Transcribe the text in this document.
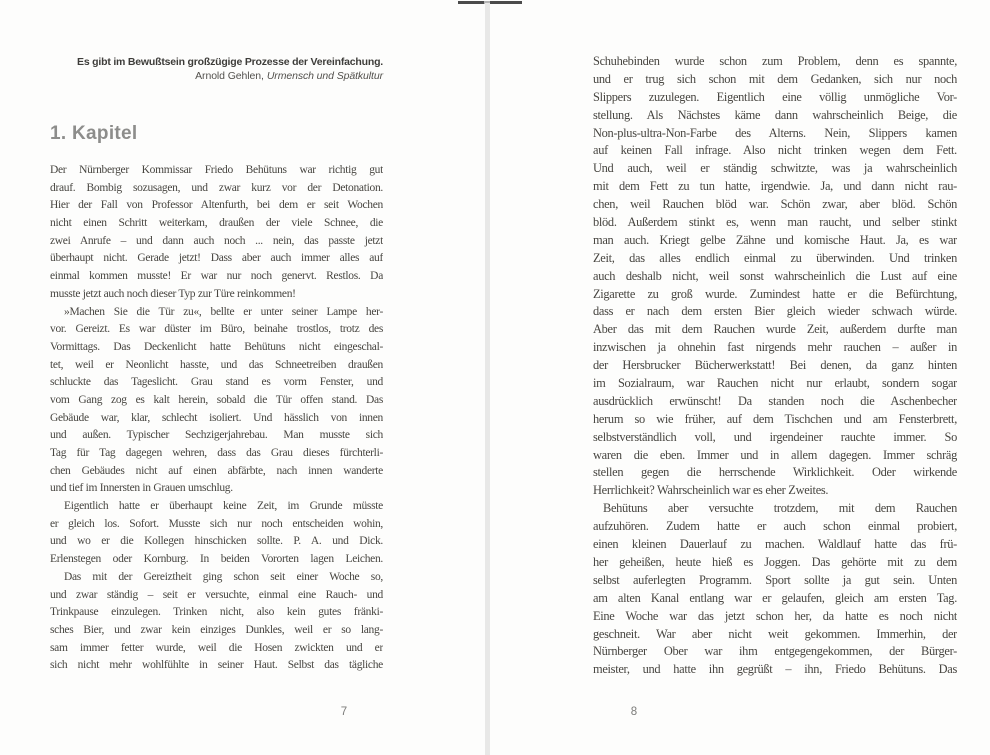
Es gibt im Bewußtsein großzügige Prozesse der Vereinfachung.
Arnold Gehlen, Urmensch und Spätkultur
1. Kapitel
Der Nürnberger Kommissar Friedo Behütuns war richtig gut
drauf. Bombig sozusagen, und zwar kurz vor der Detonation.
Hier der Fall von Professor Altenfurth, bei dem er seit Wochen
nicht einen Schritt weiterkam, draußen der viele Schnee, die
zwei Anrufe – und dann auch noch ... nein, das passte jetzt
überhaupt nicht. Gerade jetzt! Dass aber auch immer alles auf
einmal kommen musste! Er war nur noch genervt. Restlos. Da
musste jetzt auch noch dieser Typ zur Türe reinkommen!
»Machen Sie die Tür zu«, bellte er unter seiner Lampe her-
vor. Gereizt. Es war düster im Büro, beinahe trostlos, trotz des
Vormittags. Das Deckenlicht hatte Behütuns nicht eingeschal-
tet, weil er Neonlicht hasste, und das Schneetreiben draußen
schluckte das Tageslicht. Grau stand es vorm Fenster, und
vom Gang zog es kalt herein, sobald die Tür offen stand. Das
Gebäude war, klar, schlecht isoliert. Und hässlich von innen
und außen. Typischer Sechzigerjahrebau. Man musste sich
Tag für Tag dagegen wehren, dass das Grau dieses fürchterli-
chen Gebäudes nicht auf einen abfärbte, nach innen wanderte
und tief im Innersten in Grauen umschlug.
Eigentlich hatte er überhaupt keine Zeit, im Grunde müsste
er gleich los. Sofort. Musste sich nur noch entscheiden wohin,
und wo er die Kollegen hinschicken sollte. P. A. und Dick.
Erlenstegen oder Kornburg. In beiden Vororten lagen Leichen.
Das mit der Gereiztheit ging schon seit einer Woche so,
und zwar ständig – seit er versuchte, einmal eine Rauch- und
Trinkpause einzulegen. Trinken nicht, also kein gutes fränki-
sches Bier, und zwar kein einziges Dunkles, weil er so lang-
sam immer fetter wurde, weil die Hosen zwickten und er
sich nicht mehr wohlfühlte in seiner Haut. Selbst das tägliche
7
Schuhebinden wurde schon zum Problem, denn es spannte,
und er trug sich schon mit dem Gedanken, sich nur noch
Slippers zuzulegen. Eigentlich eine völlig unmögliche Vor-
stellung. Als Nächstes käme dann wahrscheinlich Beige, die
Non-plus-ultra-Non-Farbe des Alterns. Nein, Slippers kamen
auf keinen Fall infrage. Also nicht trinken wegen dem Fett.
Und auch, weil er ständig schwitzte, was ja wahrscheinlich
mit dem Fett zu tun hatte, irgendwie. Ja, und dann nicht rau-
chen, weil Rauchen blöd war. Schön zwar, aber blöd. Schön
blöd. Außerdem stinkt es, wenn man raucht, und selber stinkt
man auch. Kriegt gelbe Zähne und komische Haut. Ja, es war
Zeit, das alles endlich einmal zu überwinden. Und trinken
auch deshalb nicht, weil sonst wahrscheinlich die Lust auf eine
Zigarette zu groß wurde. Zumindest hatte er die Befürchtung,
dass er nach dem ersten Bier gleich wieder schwach würde.
Aber das mit dem Rauchen wurde Zeit, außerdem durfte man
inzwischen ja ohnehin fast nirgends mehr rauchen – außer in
der Hersbrucker Bücherwerkstatt! Bei denen, da ganz hinten
im Sozialraum, war Rauchen nicht nur erlaubt, sondern sogar
ausdrücklich erwünscht! Da standen noch die Aschenbecher
herum so wie früher, auf dem Tischchen und am Fensterbrett,
selbstverständlich voll, und irgendeiner rauchte immer. So
waren die eben. Immer und in allem dagegen. Immer schräg
stellen gegen die herrschende Wirklichkeit. Oder wirkende
Herrlichkeit? Wahrscheinlich war es eher Zweites.
Behütuns aber versuchte trotzdem, mit dem Rauchen
aufzuhören. Zudem hatte er auch schon einmal probiert,
einen kleinen Dauerlauf zu machen. Waldlauf hatte das frü-
her geheißen, heute hieß es Joggen. Das gehörte mit zu dem
selbst auferlegten Programm. Sport sollte ja gut sein. Unten
am alten Kanal entlang war er gelaufen, gleich am ersten Tag.
Eine Woche war das jetzt schon her, da hatte es noch nicht
geschneit. War aber nicht weit gekommen. Immerhin, der
Nürnberger Ober war ihm entgegengekommen, der Bürger-
meister, und hatte ihn gegrüßt – ihn, Friedo Behütuns. Das
8
